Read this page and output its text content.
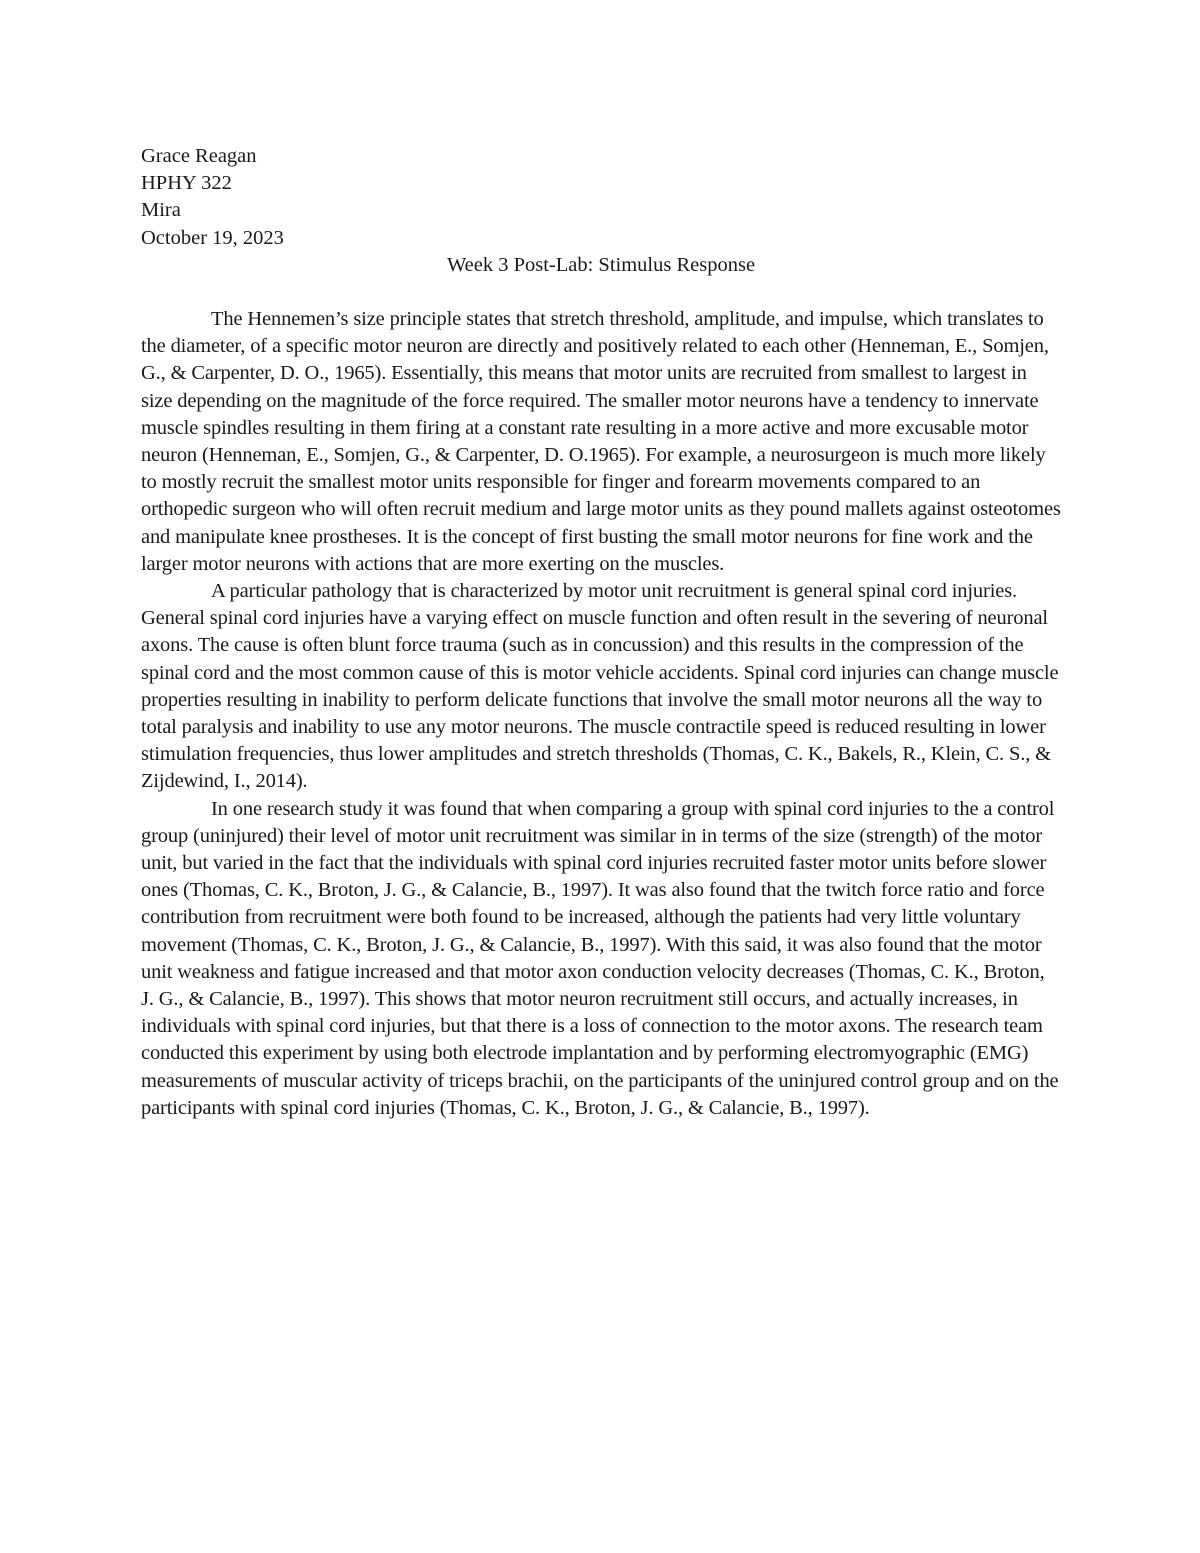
Grace Reagan
HPHY 322
Mira
October 19, 2023
Week 3 Post-Lab: Stimulus Response

The Hennemen’s size principle states that stretch threshold, amplitude, and impulse, which translates to the diameter, of a specific motor neuron are directly and positively related to each other (Henneman, E., Somjen, G., & Carpenter, D. O., 1965). Essentially, this means that motor units are recruited from smallest to largest in size depending on the magnitude of the force required. The smaller motor neurons have a tendency to innervate muscle spindles resulting in them firing at a constant rate resulting in a more active and more excusable motor neuron (Henneman, E., Somjen, G., & Carpenter, D. O.1965). For example, a neurosurgeon is much more likely to mostly recruit the smallest motor units responsible for finger and forearm movements compared to an orthopedic surgeon who will often recruit medium and large motor units as they pound mallets against osteotomes and manipulate knee prostheses. It is the concept of first busting the small motor neurons for fine work and the larger motor neurons with actions that are more exerting on the muscles.

A particular pathology that is characterized by motor unit recruitment is general spinal cord injuries. General spinal cord injuries have a varying effect on muscle function and often result in the severing of neuronal axons. The cause is often blunt force trauma (such as in concussion) and this results in the compression of the spinal cord and the most common cause of this is motor vehicle accidents. Spinal cord injuries can change muscle properties resulting in inability to perform delicate functions that involve the small motor neurons all the way to total paralysis and inability to use any motor neurons. The muscle contractile speed is reduced resulting in lower stimulation frequencies, thus lower amplitudes and stretch thresholds (Thomas, C. K., Bakels, R., Klein, C. S., & Zijdewind, I., 2014).

In one research study it was found that when comparing a group with spinal cord injuries to the a control group (uninjured) their level of motor unit recruitment was similar in in terms of the size (strength) of the motor unit, but varied in the fact that the individuals with spinal cord injuries recruited faster motor units before slower ones (Thomas, C. K., Broton, J. G., & Calancie, B., 1997). It was also found that the twitch force ratio and force contribution from recruitment were both found to be increased, although the patients had very little voluntary movement (Thomas, C. K., Broton, J. G., & Calancie, B., 1997). With this said, it was also found that the motor unit weakness and fatigue increased and that motor axon conduction velocity decreases (Thomas, C. K., Broton, J. G., & Calancie, B., 1997). This shows that motor neuron recruitment still occurs, and actually increases, in individuals with spinal cord injuries, but that there is a loss of connection to the motor axons. The research team conducted this experiment by using both electrode implantation and by performing electromyographic (EMG) measurements of muscular activity of triceps brachii, on the participants of the uninjured control group and on the participants with spinal cord injuries (Thomas, C. K., Broton, J. G., & Calancie, B., 1997).
